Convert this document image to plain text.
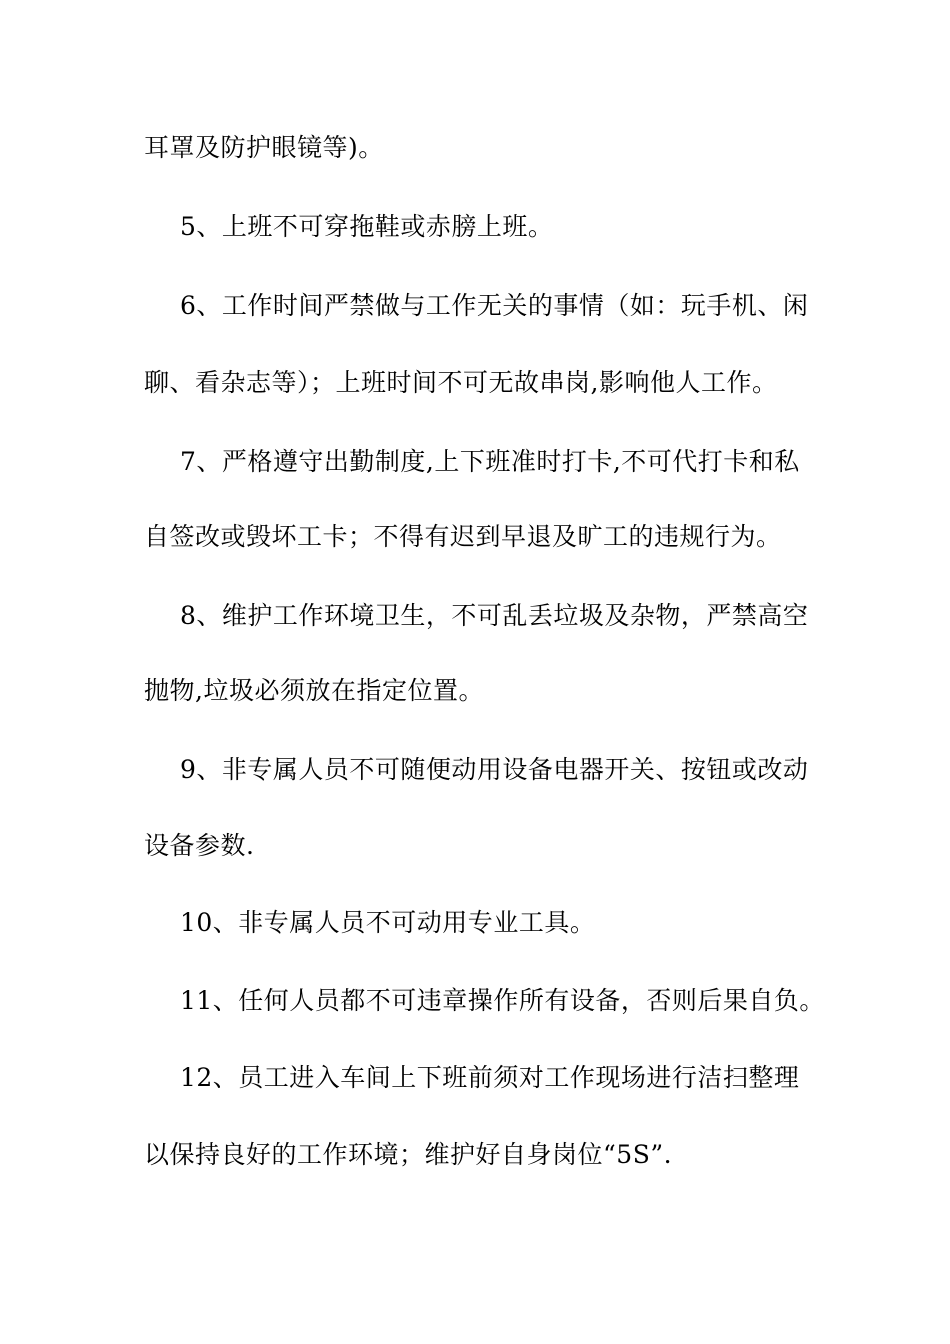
耳罩及防护眼镜等)。
5、上班不可穿拖鞋或赤膀上班。
6、工作时间严禁做与工作无关的事情（如：玩手机、闲
聊、看杂志等）；上班时间不可无故串岗,影响他人工作。
7、严格遵守出勤制度,上下班准时打卡,不可代打卡和私
自签改或毁坏工卡；不得有迟到早退及旷工的违规行为。
8、维护工作环境卫生，不可乱丢垃圾及杂物，严禁高空
抛物,垃圾必须放在指定位置。
9、非专属人员不可随便动用设备电器开关、按钮或改动
设备参数.
10、非专属人员不可动用专业工具。
11、任何人员都不可违章操作所有设备，否则后果自负。
12、员工进入车间上下班前须对工作现场进行洁扫整理
以保持良好的工作环境；维护好自身岗位“5S”.
